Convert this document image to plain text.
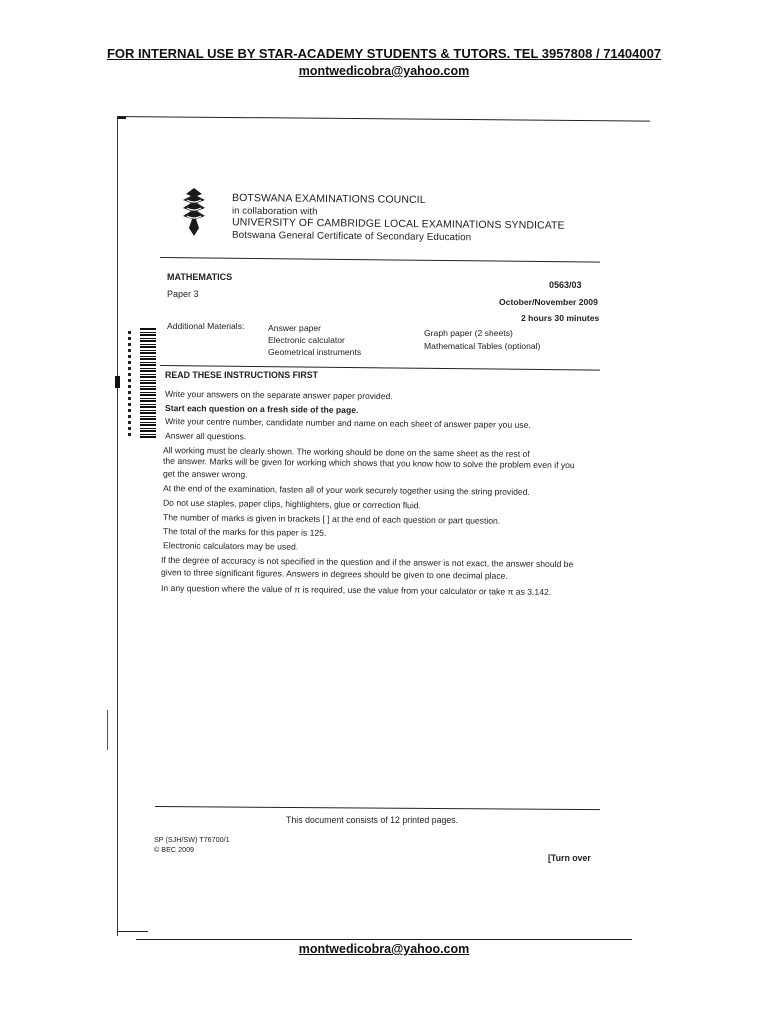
FOR INTERNAL USE BY STAR-ACADEMY STUDENTS & TUTORS. TEL 3957808 / 71404007
montwedicobra@yahoo.com
BOTSWANA EXAMINATIONS COUNCIL
in collaboration with
UNIVERSITY OF CAMBRIDGE LOCAL EXAMINATIONS SYNDICATE
Botswana General Certificate of Secondary Education
MATHEMATICS
Paper 3
0563/03
October/November 2009
2 hours 30 minutes
Additional Materials:	Answer paper
Electronic calculator
Geometrical instruments
Graph paper (2 sheets)
Mathematical Tables (optional)
READ THESE INSTRUCTIONS FIRST
Write your answers on the separate answer paper provided.
Start each question on a fresh side of the page.
Write your centre number, candidate number and name on each sheet of answer paper you use.
Answer all questions.
All working must be clearly shown. The working should be done on the same sheet as the rest of
the answer. Marks will be given for working which shows that you know how to solve the problem even if you
get the answer wrong.
At the end of the examination, fasten all of your work securely together using the string provided.
Do not use staples, paper clips, highlighters, glue or correction fluid.
The number of marks is given in brackets [ ] at the end of each question or part question.
The total of the marks for this paper is 125.
Electronic calculators may be used.
If the degree of accuracy is not specified in the question and if the answer is not exact, the answer should be
given to three significant figures. Answers in degrees should be given to one decimal place.
In any question where the value of π is required, use the value from your calculator or take π as 3.142.
This document consists of 12 printed pages.
SP (SJH/SW) T76700/1
© BEC 2009
[Turn over
montwedicobra@yahoo.com
